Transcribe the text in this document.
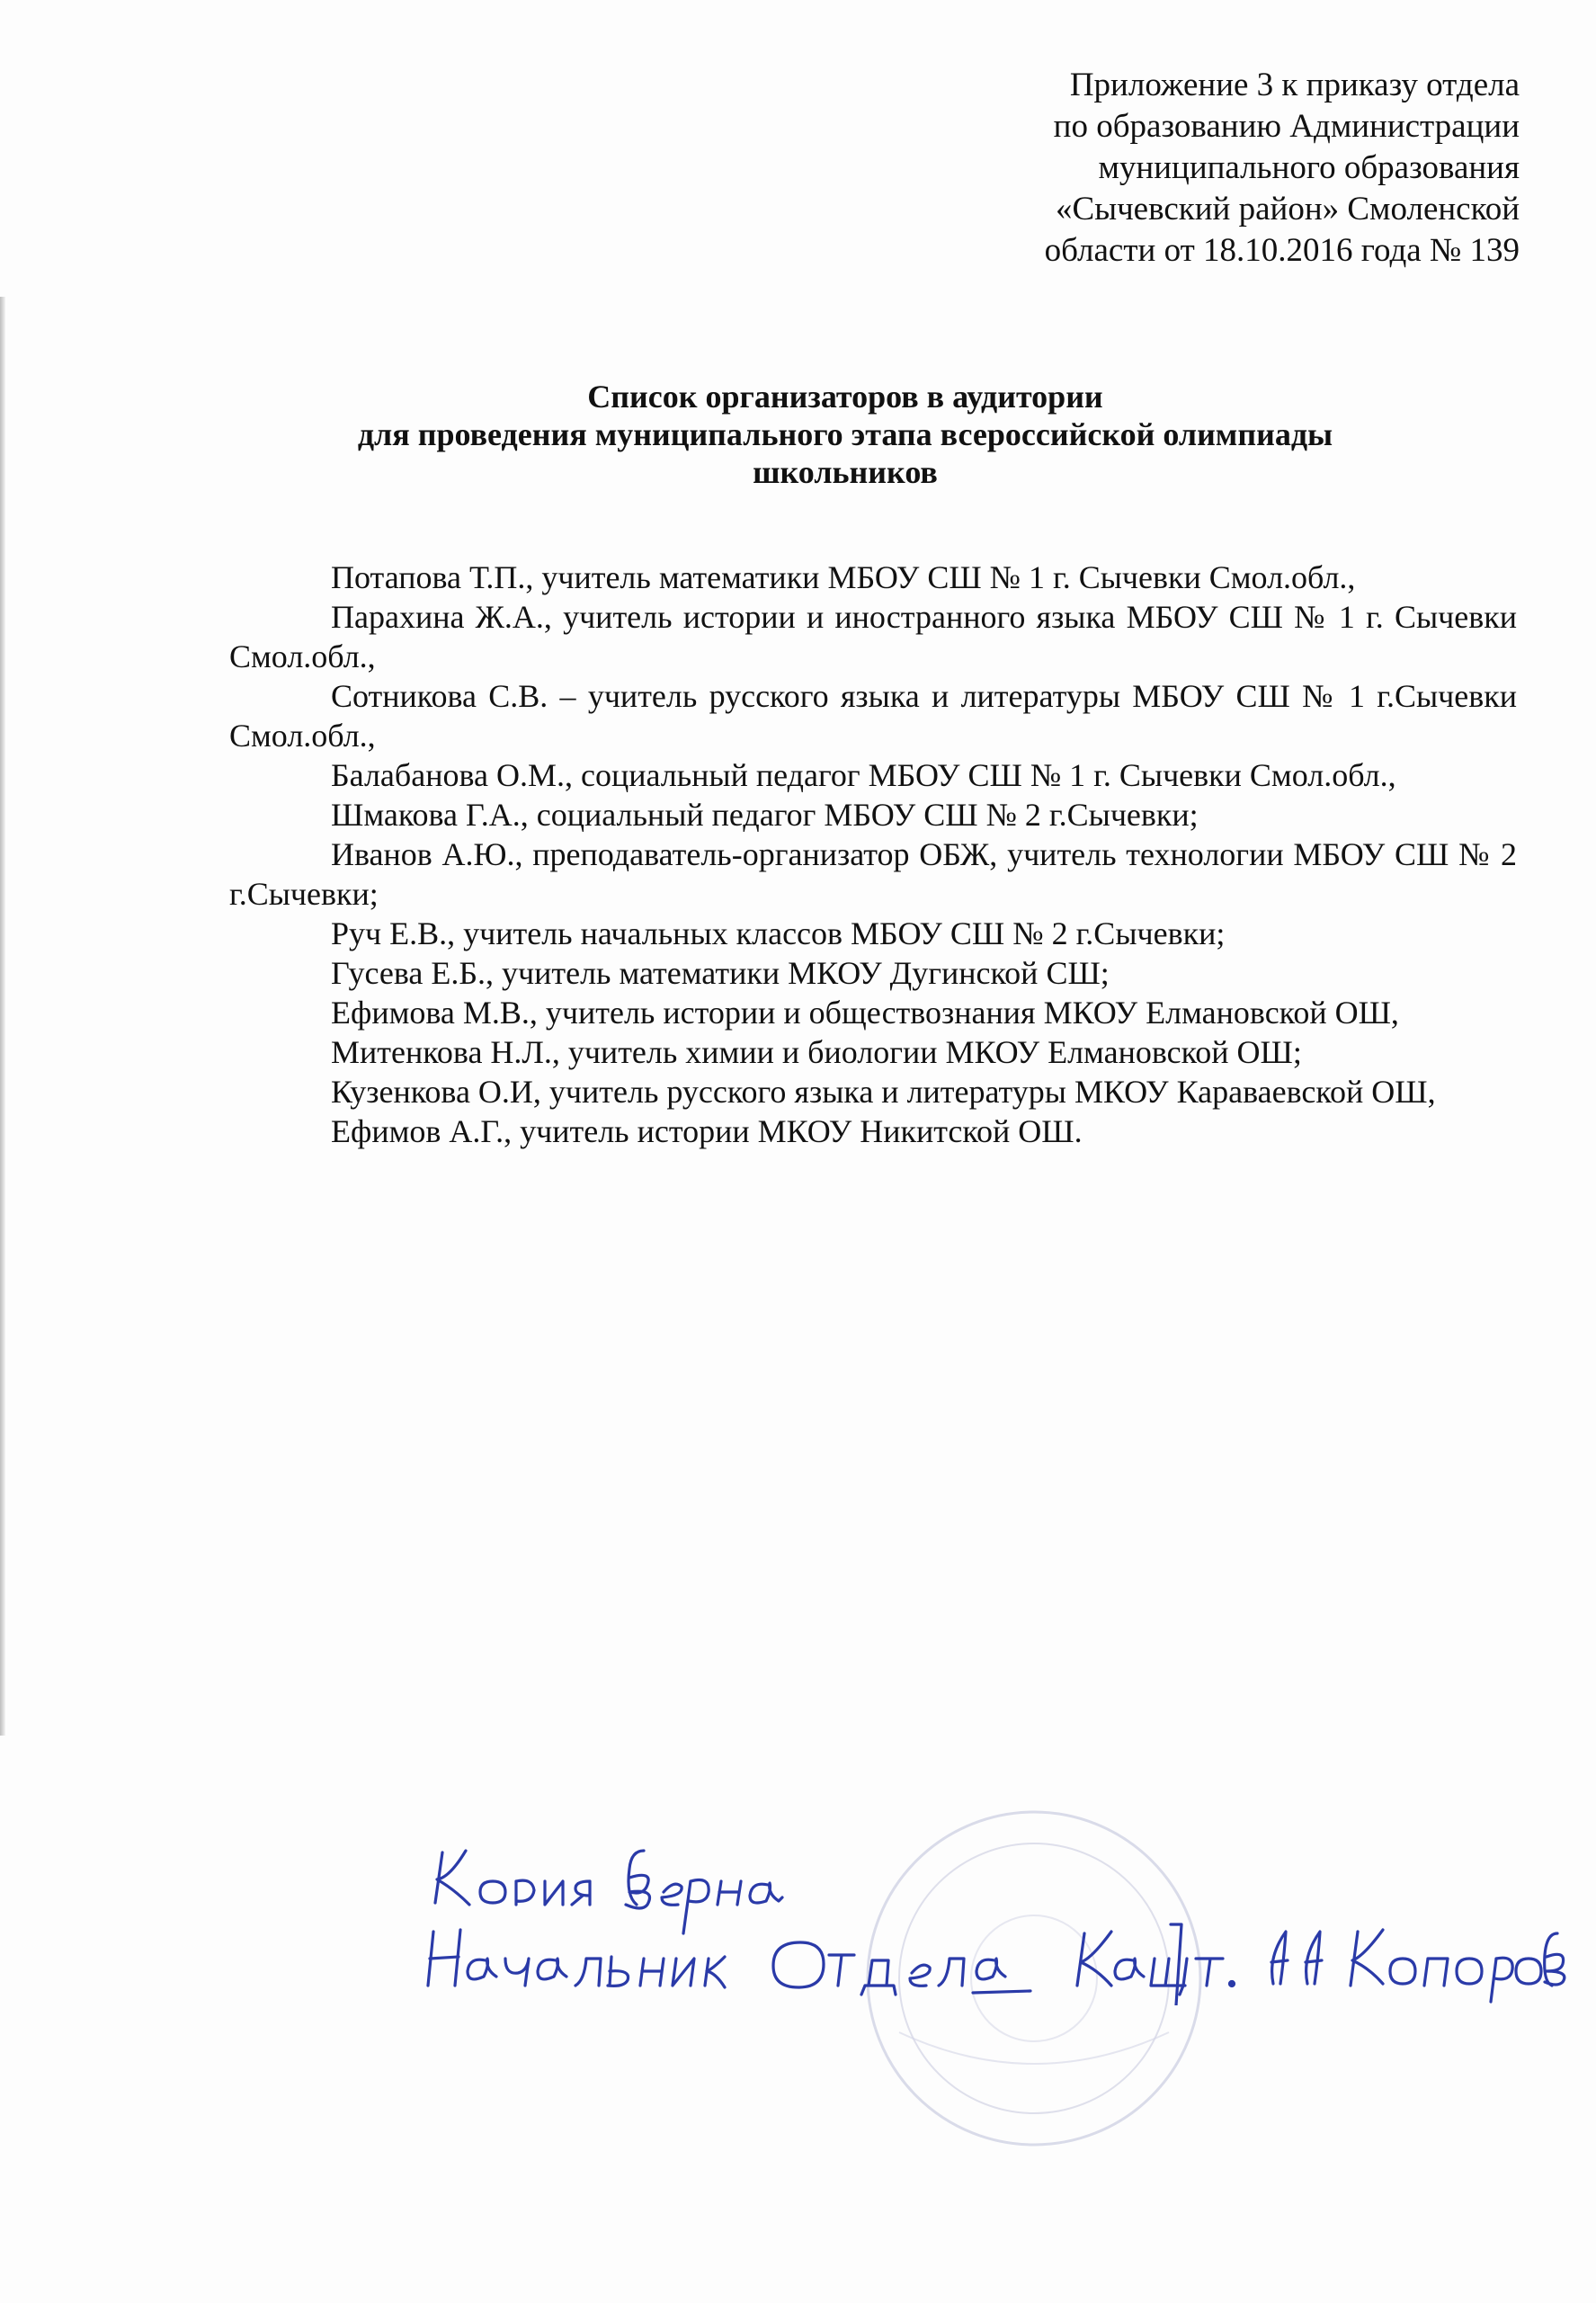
Приложение 3 к приказу отдела
по образованию Администрации
муниципального образования
«Сычевский район» Смоленской
области от 18.10.2016 года № 139
Список организаторов в аудитории
для проведения муниципального этапа всероссийской олимпиады
школьников

Потапова Т.П., учитель математики МБОУ СШ № 1 г. Сычевки Смол.обл.,

Парахина Ж.А., учитель истории и иностранного языка МБОУ СШ № 1 г. Сычевки Смол.обл.,

Сотникова С.В. – учитель русского языка и литературы МБОУ СШ № 1 г.Сычевки Смол.обл.,

Балабанова О.М., социальный педагог МБОУ СШ № 1 г. Сычевки Смол.обл.,

Шмакова Г.А., социальный педагог МБОУ СШ № 2 г.Сычевки;

Иванов А.Ю., преподаватель-организатор ОБЖ, учитель технологии МБОУ СШ № 2 г.Сычевки;

Руч Е.В., учитель начальных классов МБОУ СШ № 2 г.Сычевки;

Гусева Е.Б., учитель математики МКОУ Дугинской СШ;

Ефимова М.В., учитель истории и обществознания МКОУ Елмановской ОШ,

Митенкова Н.Л., учитель химии и биологии МКОУ Елмановской ОШ;

Кузенкова О.И, учитель русского языка и литературы МКОУ Караваевской ОШ,

Ефимов А.Г., учитель истории МКОУ Никитской ОШ.
